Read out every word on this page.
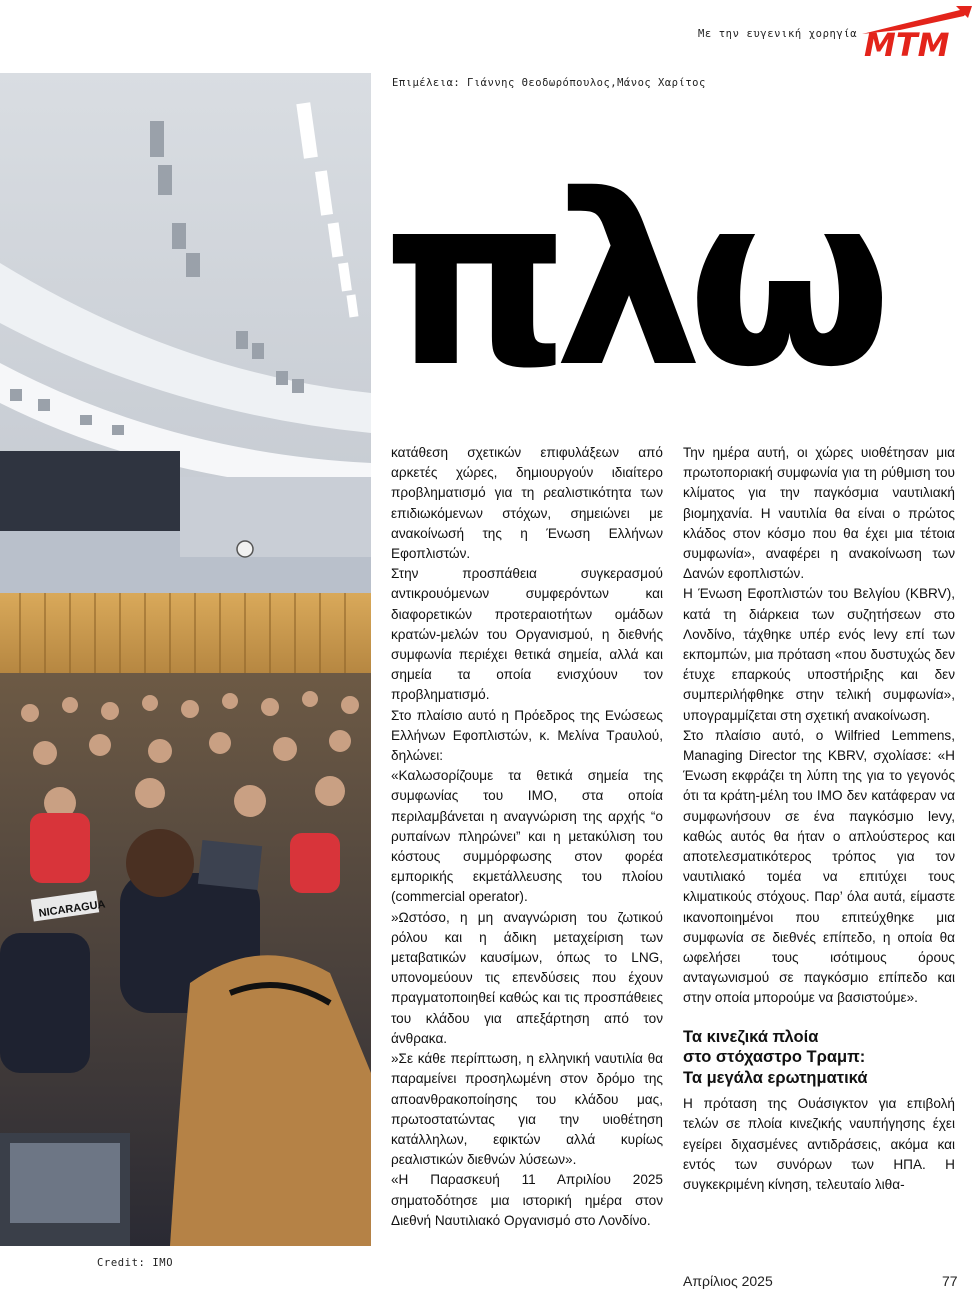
Με την ευγενική χορηγία MTM
NICARAGUA
Επιμέλεια: Γιάννης Θεοδωρόπουλος,Μάνος Χαρίτος
πλω

κατάθεση σχετικών επιφυλάξεων από αρκετές χώρες, δημιουργούν ιδιαίτερο προβληματισμό για τη ρεαλιστικότητα των επιδιωκόμενων στόχων, σημειώνει με ανακοίνωσή της η Ένωση Ελλήνων Εφοπλιστών.

Στην προσπάθεια συγκερασμού αντικρουόμενων συμφερόντων και διαφορετικών προτεραιοτήτων ομάδων κρατών-μελών του Οργανισμού, η διεθνής συμφωνία περιέχει θετικά σημεία, αλλά και σημεία τα οποία ενισχύουν τον προβληματισμό.

Στο πλαίσιο αυτό η Πρόεδρος της Ενώσεως Ελλήνων Εφοπλιστών, κ. Μελίνα Τραυλού, δηλώνει:

«Καλωσορίζουμε τα θετικά σημεία της συμφωνίας του ΙΜΟ, στα οποία περιλαμβάνεται η αναγνώριση της αρχής “ο ρυπαίνων πληρώνει” και η μετακύλιση του κόστους συμμόρφωσης στον φορέα εμπορικής εκμετάλλευσης του πλοίου (commercial operator).

»Ωστόσο, η μη αναγνώριση του ζωτικού ρόλου και η άδικη μεταχείριση των μεταβατικών καυσίμων, όπως το LNG, υπονομεύουν τις επενδύσεις που έχουν πραγματοποιηθεί καθώς και τις προσπάθειες του κλάδου για απεξάρτηση από τον άνθρακα.

»Σε κάθε περίπτωση, η ελληνική ναυτιλία θα παραμείνει προσηλωμένη στον δρόμο της απoανθρακοποίησης του κλάδου μας, πρωτοστατώντας για την υιοθέτηση κατάλληλων, εφικτών αλλά κυρίως ρεαλιστικών διεθνών λύσεων».

«Η Παρασκευή 11 Απριλίου 2025 σηματοδότησε μια ιστορική ημέρα στον Διεθνή Ναυτιλιακό Οργανισμό στο Λονδίνο.

Την ημέρα αυτή, οι χώρες υιοθέτησαν μια πρωτοποριακή συμφωνία για τη ρύθμιση του κλίματος για την παγκόσμια ναυτιλιακή βιομηχανία. Η ναυτιλία θα είναι ο πρώτος κλάδος στον κόσμο που θα έχει μια τέτοια συμφωνία», αναφέρει η ανακοίνωση των Δανών εφοπλιστών.

Η Ένωση Εφοπλιστών του Βελγίου (KBRV), κατά τη διάρκεια των συζητήσεων στο Λονδίνο, τάχθηκε υπέρ ενός levy επί των εκπομπών, μια πρόταση «που δυστυχώς δεν έτυχε επαρκούς υποστήριξης και δεν συμπεριλήφθηκε στην τελική συμφωνία», υπογραμμίζεται στη σχετική ανακοίνωση.

Στο πλαίσιο αυτό, ο Wilfried Lemmens, Managing Director της KBRV, σχολίασε: «Η Ένωση εκφράζει τη λύπη της για το γεγονός ότι τα κράτη-μέλη του ΙΜΟ δεν κατάφεραν να συμφωνήσουν σε ένα παγκόσμιο levy, καθώς αυτός θα ήταν ο απλούστερος και αποτελεσματικότερος τρόπος για τον ναυτιλιακό τομέα να επιτύχει τους κλιματικούς στόχους. Παρ’ όλα αυτά, είμαστε ικανοποιημένοι που επιτεύχθηκε μια συμφωνία σε διεθνές επίπεδο, η οποία θα ωφελήσει τους ισότιμους όρους ανταγωνισμού σε παγκόσμιο επίπεδο και στην οποία μπορούμε να βασιστούμε».

Τα κινεζικά πλοία
στο στόχαστρο Τραμπ:
Τα μεγάλα ερωτηματικά

Η πρόταση της Ουάσιγκτον για επιβολή τελών σε πλοία κινεζικής ναυπήγησης έχει εγείρει διχασμένες αντιδράσεις, ακόμα και εντός των συνόρων των ΗΠΑ. Η συγκεκριμένη κίνηση, τελευταίο λιθα-

Credit: IMO
Απρίλιος 2025	77
